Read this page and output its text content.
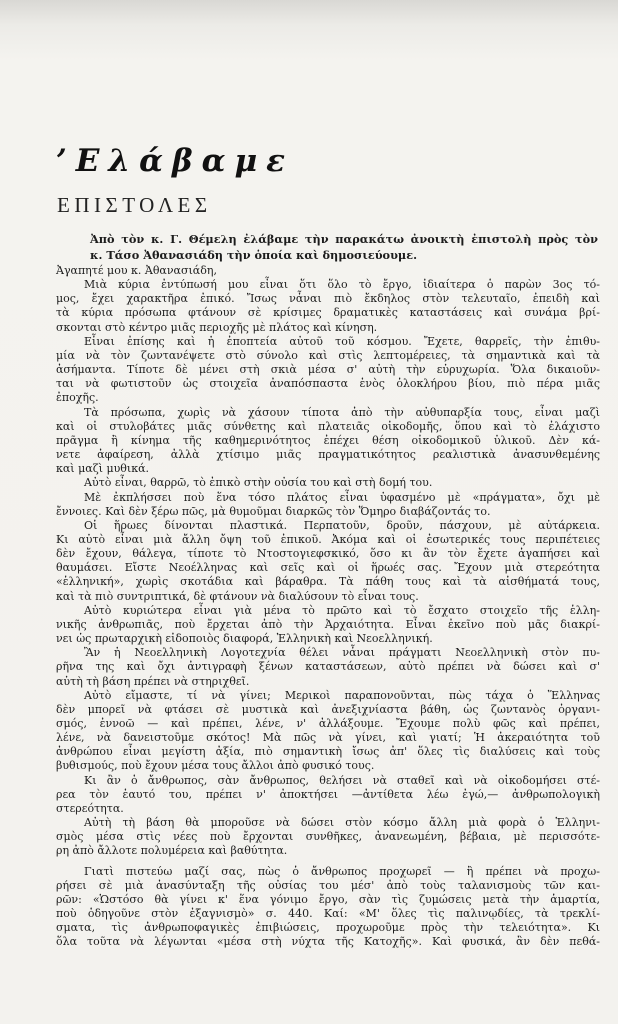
’Ελάβαμε
ΕΠΙΣΤΟΛΕΣ
Ἀπὸ τὸν κ. Γ. Θέμελη ἐλάβαμε τὴν παρακάτω ἀνοικτὴ ἐπιστολὴ πρὸς τὸν
κ. Τάσο Ἀθανασιάδη τὴν ὁποία καὶ δημοσιεύουμε.
Ἀγαπητέ μου κ. Ἀθανασιάδη,
Μιὰ κύρια ἐντύπωσή μου εἶναι ὅτι ὅλο τὸ ἔργο, ἰδιαίτερα ὁ παρὼν 3ος τό-
μος, ἔχει χαρακτῆρα ἐπικό. Ἴσως νἆναι πιὸ ἔκδηλος στὸν τελευταῖο, ἐπειδὴ καὶ
τὰ κύρια πρόσωπα φτάνουν σὲ κρίσιμες δραματικὲς καταστάσεις καὶ συνάμα βρί-
σκονται στὸ κέντρο μιᾶς περιοχῆς μὲ πλάτος καὶ κίνηση.
Εἶναι ἐπίσης καὶ ἡ ἐποπτεία αὐτοῦ τοῦ κόσμου. Ἔχετε, θαρρεῖς, τὴν ἐπιθυ-
μία νὰ τὸν ζωντανέψετε στὸ σύνολο καὶ στὶς λεπτομέρειες, τὰ σημαντικὰ καὶ τὰ
ἀσήμαντα. Τίποτε δὲ μένει στὴ σκιὰ μέσα σ' αὐτὴ τὴν εὐρυχωρία. Ὅλα δικαιοῦν-
ται νὰ φωτιστοῦν ὡς στοιχεῖα ἀναπόσπαστα ἑνὸς ὁλοκλήρου βίου, πιὸ πέρα μιᾶς
ἐποχῆς.
Τὰ πρόσωπα, χωρὶς νὰ χάσουν τίποτα ἀπὸ τὴν αὐθυπαρξία τους, εἶναι μαζὶ
καὶ οἱ στυλοβάτες μιᾶς σύνθετης καὶ πλατειᾶς οἰκοδομῆς, ὅπου καὶ τὸ ἐλάχιστο
πρᾶγμα ἢ κίνημα τῆς καθημερινότητος ἐπέχει θέση οἰκοδομικοῦ ὑλικοῦ. Δὲν κά-
νετε ἀφαίρεση, ἀλλὰ χτίσιμο μιᾶς πραγματικότητος ρεαλιστικὰ ἀνασυνθεμένης
καὶ μαζὶ μυθικά.
Αὐτὸ εἶναι, θαρρῶ, τὸ ἐπικὸ στὴν οὐσία του καὶ στὴ δομή του.
Μὲ ἐκπλήσσει ποὺ ἕνα τόσο πλάτος εἶναι ὑφασμένο μὲ «πράγματα», ὄχι μὲ
ἔννοιες. Καὶ δὲν ξέρω πῶς, μὰ θυμοῦμαι διαρκῶς τὸν Ὅμηρο διαβάζοντάς το.
Οἱ ἥρωες δίνονται πλαστικά. Περπατοῦν, δροῦν, πάσχουν, μὲ αὐτάρκεια.
Κι αὐτὸ εἶναι μιὰ ἄλλη ὄψη τοῦ ἐπικοῦ. Ἀκόμα καὶ οἱ ἐσωτερικές τους περιπέτειες
δὲν ἔχουν, θάλεγα, τίποτε τὸ Ντοστογιεφσκικό, ὅσο κι ἂν τὸν ἔχετε ἀγαπήσει καὶ
θαυμάσει. Εἴστε Νεοέλληνας καὶ σεῖς καὶ οἱ ἥρωές σας. Ἔχουν μιὰ στερεότητα
«ἑλληνική», χωρὶς σκοτάδια καὶ βάραθρα. Τὰ πάθη τους καὶ τὰ αἰσθήματά τους,
καὶ τὰ πιὸ συντριπτικά, δὲ φτάνουν νὰ διαλύσουν τὸ εἶναι τους.
Αὐτὸ κυριώτερα εἶναι γιὰ μένα τὸ πρῶτο καὶ τὸ ἔσχατο στοιχεῖο τῆς ἑλλη-
νικῆς ἀνθρωπιᾶς, ποὺ ἔρχεται ἀπὸ τὴν Ἀρχαιότητα. Εἶναι ἐκεῖνο ποὺ μᾶς διακρί-
νει ὡς πρωταρχικὴ εἰδοποιὸς διαφορά, Ἑλληνικὴ καὶ Νεοελληνική.
Ἂν ἡ Νεοελληνικὴ Λογοτεχνία θέλει νἆναι πράγματι Νεοελληνικὴ στὸν πυ-
ρῆνα της καὶ ὄχι ἀντιγραφὴ ξένων καταστάσεων, αὐτὸ πρέπει νὰ δώσει καὶ σ'
αὐτὴ τὴ βάση πρέπει νὰ στηριχθεῖ.
Αὐτὸ εἴμαστε, τί νὰ γίνει; Μερικοὶ παραπονοῦνται, πὼς τάχα ὁ Ἕλληνας
δὲν μπορεῖ νὰ φτάσει σὲ μυστικὰ καὶ ἀνεξιχνίαστα βάθη, ὡς ζωντανὸς ὀργανι-
σμός, ἐννοῶ — καὶ πρέπει, λένε, ν' ἀλλάξουμε. Ἔχουμε πολὺ φῶς καὶ πρέπει,
λένε, νὰ δανειστοῦμε σκότος! Μὰ πῶς νὰ γίνει, καὶ γιατί; Ἡ ἀκεραιότητα τοῦ
ἀνθρώπου εἶναι μεγίστη ἀξία, πιὸ σημαντικὴ ἴσως ἀπ' ὅλες τὶς διαλύσεις καὶ τοὺς
βυθισμούς, ποὺ ἔχουν μέσα τους ἄλλοι ἀπὸ φυσικό τους.
Κι ἂν ὁ ἄνθρωπος, σὰν ἄνθρωπος, θελήσει νὰ σταθεῖ καὶ νὰ οἰκοδομήσει στέ-
ρεα τὸν ἑαυτό του, πρέπει ν' ἀποκτήσει —ἀντίθετα λέω ἐγώ,— ἀνθρωπολογικὴ
στερεότητα.
Αὐτὴ τὴ βάση θὰ μποροῦσε νὰ δώσει στὸν κόσμο ἄλλη μιὰ φορὰ ὁ Ἑλληνι-
σμὸς μέσα στὶς νέες ποὺ ἔρχονται συνθῆκες, ἀνανεωμένη, βέβαια, μὲ περισσότε-
ρη ἀπὸ ἄλλοτε πολυμέρεια καὶ βαθύτητα.
Γιατὶ πιστεύω μαζί σας, πὼς ὁ ἄνθρωπος προχωρεῖ — ἢ πρέπει νὰ προχω-
ρήσει σὲ μιὰ ἀνασύνταξη τῆς οὐσίας του μέσ' ἀπὸ τοὺς ταλανισμοὺς τῶν και-
ρῶν: «Ὡστόσο θὰ γίνει κ' ἕνα γόνιμο ἔργο, σὰν τὶς ζυμώσεις μετὰ τὴν ἁμαρτία,
ποὺ ὁδηγοῦνε στὸν ἐξαγνισμὸ» σ. 440. Καί: «Μ' ὅλες τὶς παλινῳδίες, τὰ τρεκλί-
σματα, τὶς ἀνθρωποφαγικὲς ἐπιβιώσεις, προχωροῦμε πρὸς τὴν τελειότητα». Κι
ὅλα τοῦτα νὰ λέγωνται «μέσα στὴ νύχτα τῆς Κατοχῆς». Καὶ φυσικά, ἂν δὲν πεθά-
